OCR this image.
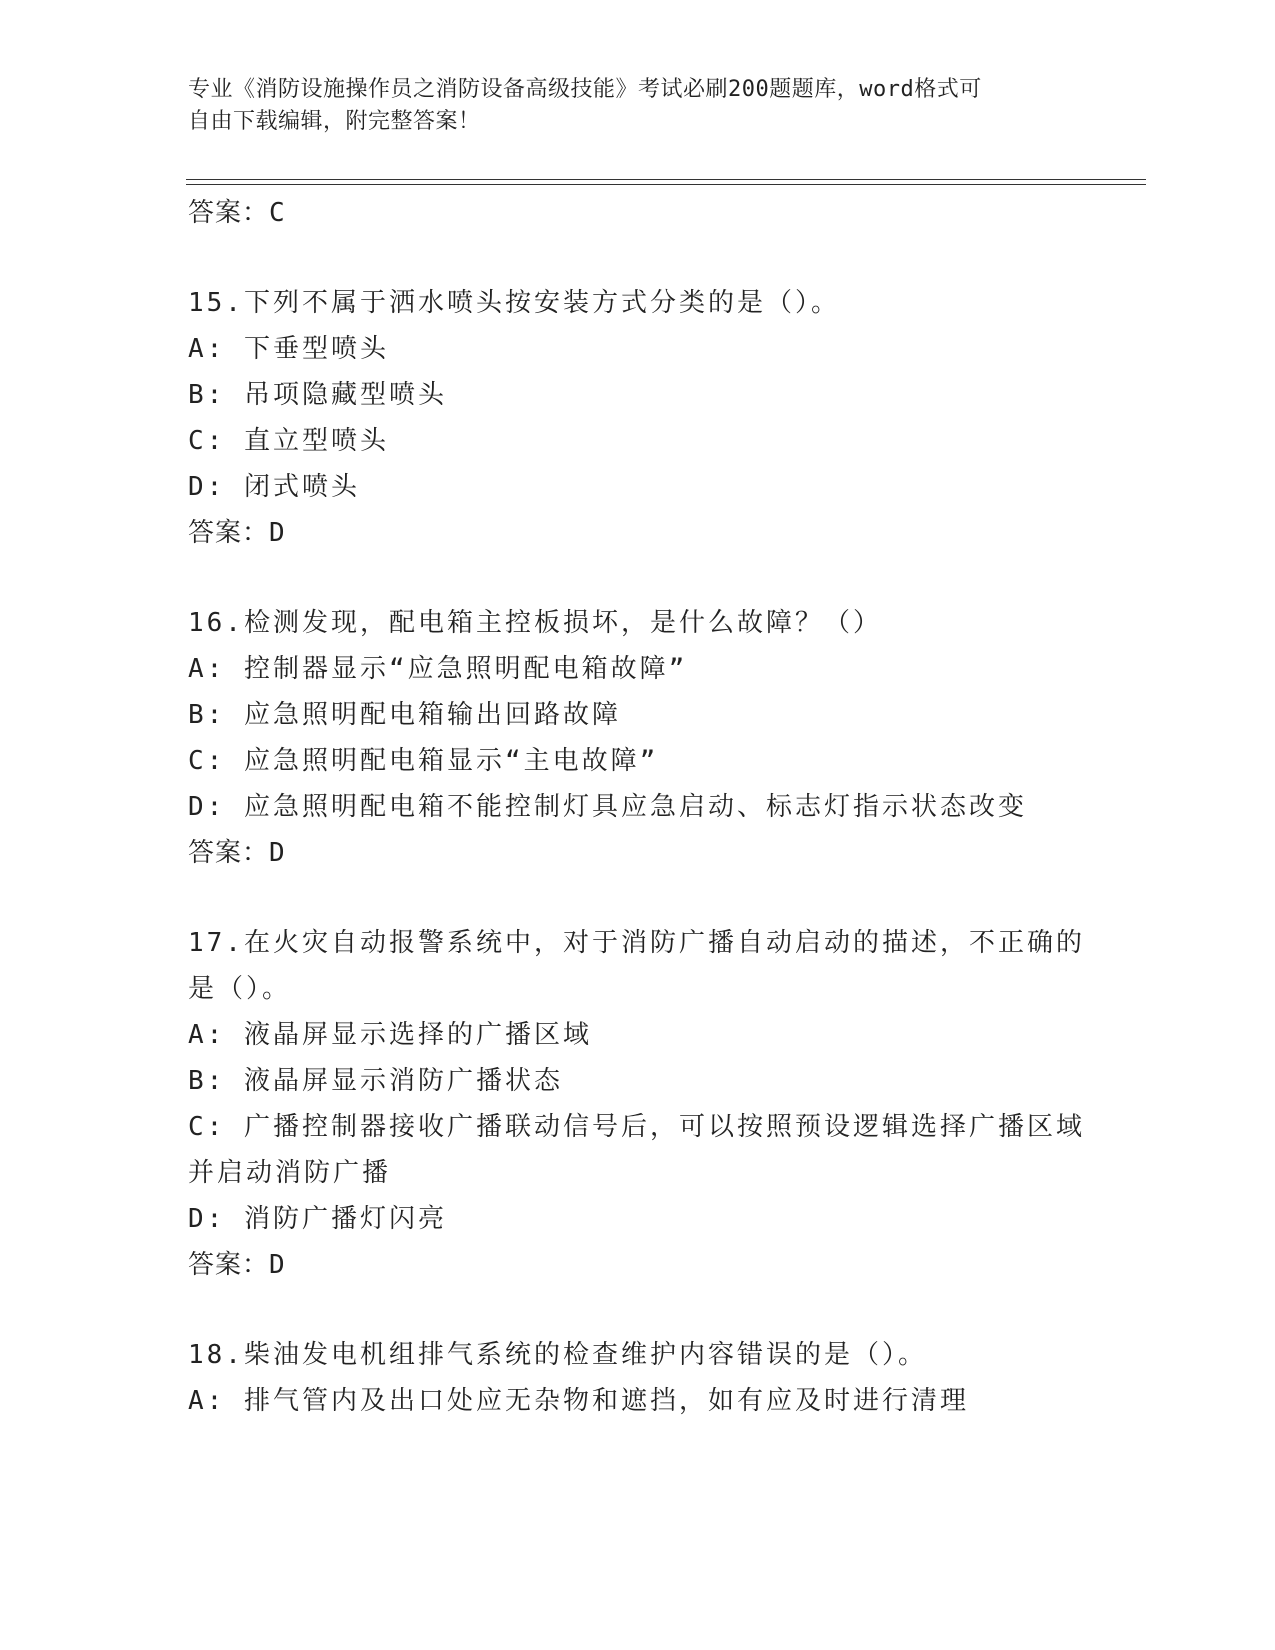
专业《消防设施操作员之消防设备高级技能》考试必刷200题题库，word格式可
自由下载编辑，附完整答案！
答案：C
15.下列不属于洒水喷头按安装方式分类的是（）。
A: 下垂型喷头
B: 吊项隐藏型喷头
C: 直立型喷头
D: 闭式喷头
答案：D
16.检测发现，配电箱主控板损坏，是什么故障？（）
A: 控制器显示“应急照明配电箱故障”
B: 应急照明配电箱输出回路故障
C: 应急照明配电箱显示“主电故障”
D: 应急照明配电箱不能控制灯具应急启动、标志灯指示状态改变
答案：D
17.在火灾自动报警系统中，对于消防广播自动启动的描述，不正确的是（）。
A: 液晶屏显示选择的广播区域
B: 液晶屏显示消防广播状态
C: 广播控制器接收广播联动信号后，可以按照预设逻辑选择广播区域并启动消防广播
D: 消防广播灯闪亮
答案：D
18.柴油发电机组排气系统的检查维护内容错误的是（）。
A: 排气管内及出口处应无杂物和遮挡，如有应及时进行清理
